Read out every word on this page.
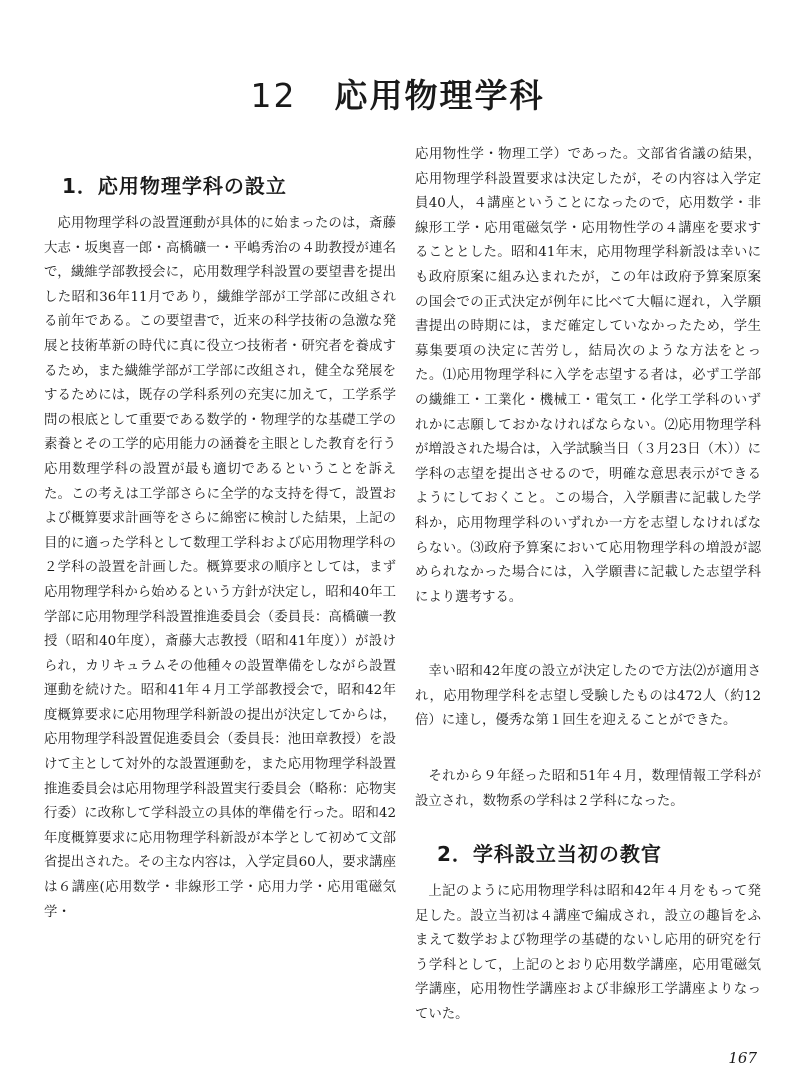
12 応用物理学科
1．応用物理学科の設立
応用物理学科の設置運動が具体的に始まったのは，斎藤大志・坂奥喜一郎・高橋礦一・平嶋秀治の４助教授が連名で，繊維学部教授会に，応用数理学科設置の要望書を提出した昭和36年11月であり，繊維学部が工学部に改組される前年である。この要望書で，近来の科学技術の急激な発展と技術革新の時代に真に役立つ技術者・研究者を養成するため，また繊維学部が工学部に改組され，健全な発展をするためには，既存の学科系列の充実に加えて，工学系学問の根底として重要である数学的・物理学的な基礎工学の素養とその工学的応用能力の涵養を主眼とした教育を行う応用数理学科の設置が最も適切であるということを訴えた。この考えは工学部さらに全学的な支持を得て，設置および概算要求計画等をさらに綿密に検討した結果，上記の目的に適った学科として数理工学科および応用物理学科の２学科の設置を計画した。概算要求の順序としては，まず応用物理学科から始めるという方針が決定し，昭和40年工学部に応用物理学科設置推進委員会（委員長：高橋礦一教授（昭和40年度），斎藤大志教授（昭和41年度））が設けられ，カリキュラムその他種々の設置準備をしながら設置運動を続けた。昭和41年４月工学部教授会で，昭和42年度概算要求に応用物理学科新設の提出が決定してからは，応用物理学科設置促進委員会（委員長：池田章教授）を設けて主として対外的な設置運動を，また応用物理学科設置推進委員会は応用物理学科設置実行委員会（略称：応物実行委）に改称して学科設立の具体的準備を行った。昭和42年度概算要求に応用物理学科新設が本学として初めて文部省提出された。その主な内容は，入学定員60人，要求講座は６講座(応用数学・非線形工学・応用力学・応用電磁気学・
応用物性学・物理工学）であった。文部省省議の結果，応用物理学科設置要求は決定したが，その内容は入学定員40人，４講座ということになったので，応用数学・非線形工学・応用電磁気学・応用物性学の４講座を要求することとした。昭和41年末，応用物理学科新設は幸いにも政府原案に組み込まれたが，この年は政府予算案原案の国会での正式決定が例年に比べて大幅に遅れ，入学願書提出の時期には，まだ確定していなかったため，学生募集要項の決定に苦労し，結局次のような方法をとった。⑴応用物理学科に入学を志望する者は，必ず工学部の繊維工・工業化・機械工・電気工・化学工学科のいずれかに志願しておかなければならない。⑵応用物理学科が増設された場合は，入学試験当日（３月23日（木））に学科の志望を提出させるので，明確な意思表示ができるようにしておくこと。この場合，入学願書に記載した学科か，応用物理学科のいずれか一方を志望しなければならない。⑶政府予算案において応用物理学科の増設が認められなかった場合には，入学願書に記載した志望学科により選考する。
幸い昭和42年度の設立が決定したので方法⑵が適用され，応用物理学科を志望し受験したものは472人（約12倍）に達し，優秀な第１回生を迎えることができた。
それから９年経った昭和51年４月，数理情報工学科が設立され，数物系の学科は２学科になった。
2．学科設立当初の教官
上記のように応用物理学科は昭和42年４月をもって発足した。設立当初は４講座で編成され，設立の趣旨をふまえて数学および物理学の基礎的ないし応用的研究を行う学科として，上記のとおり応用数学講座，応用電磁気学講座，応用物性学講座および非線形工学講座よりなっていた。
167
